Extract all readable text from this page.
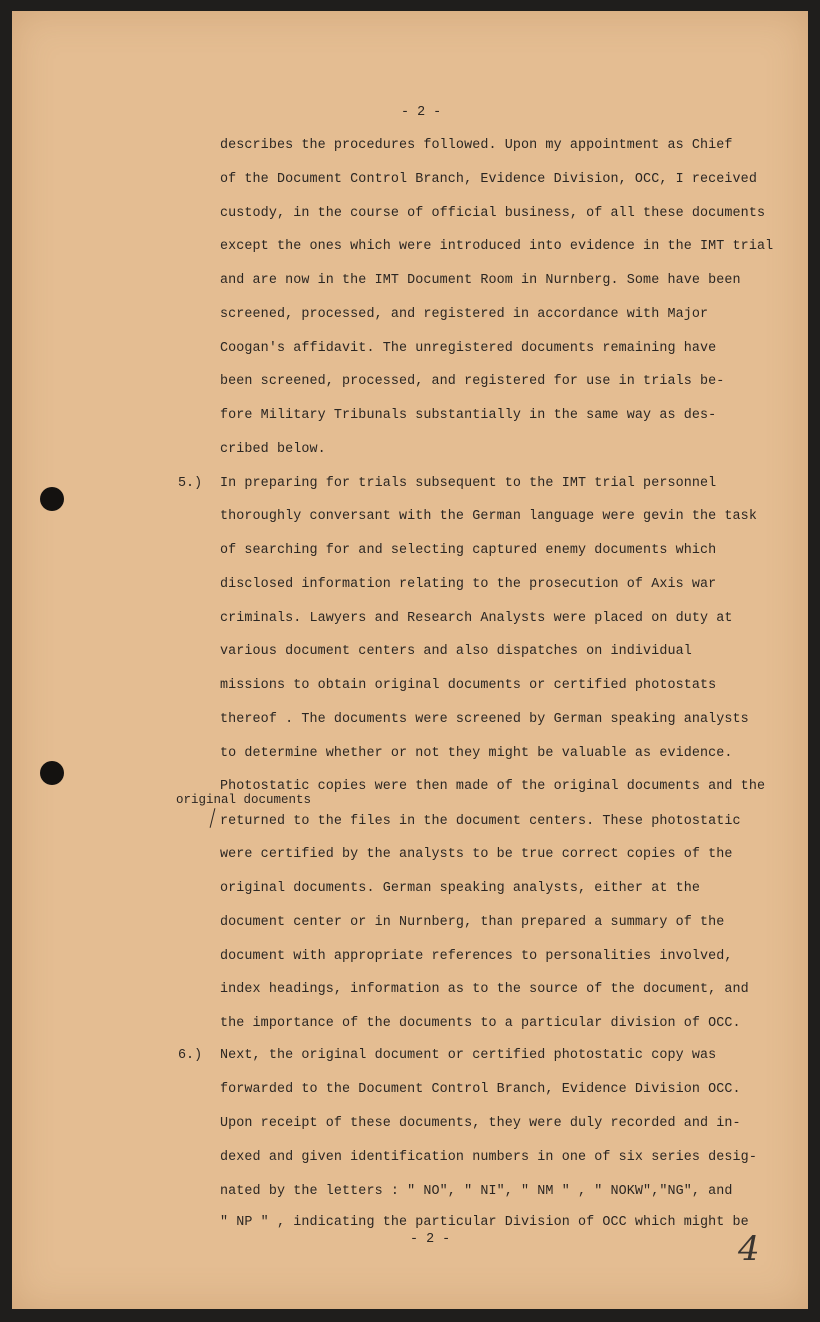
- 2 -
describes the procedures followed. Upon my appointment as Chief
of the Document Control Branch, Evidence Division, OCC, I received
custody, in the course of official business, of all these documents
except the ones which were introduced into evidence in the IMT trial
and are now in the IMT Document Room in Nurnberg. Some have been
screened, processed, and registered in accordance with Major
Coogan's affidavit. The unregistered documents remaining have
been screened, processed, and registered for use in trials be-
fore Military Tribunals substantially in the same way as des-
cribed below.
5.) In preparing for trials subsequent to the IMT trial personnel
thoroughly conversant with the German language were gevin the task
of searching for and selecting captured enemy documents which
disclosed information relating to the prosecution of Axis war
criminals. Lawyers and Research Analysts were placed on duty at
various document centers and also dispatches on individual
missions to obtain original documents or certified photostats
thereof . The documents were screened by German speaking analysts
to determine whether or not they might be valuable as evidence.
Photostatic copies were then made of the original documents and the
original documents
returned to the files in the document centers. These photostatic
were certified by the analysts to be true correct copies of the
original documents. German speaking analysts, either at the
document center or in Nurnberg, than prepared a summary of the
document with appropriate references to personalities involved,
index headings, information as to the source of the document, and
the importance of the documents to a particular division of OCC.
6.) Next, the original document or certified photostatic copy was
forwarded to the Document Control Branch, Evidence Division OCC.
Upon receipt of these documents, they were duly recorded and in-
dexed and given identification numbers in one of six series desig-
nated by the letters : " NO", " NI", " NM " , " NOKW","NG", and
" NP " , indicating the particular Division of OCC which might be
- 2 -	4
